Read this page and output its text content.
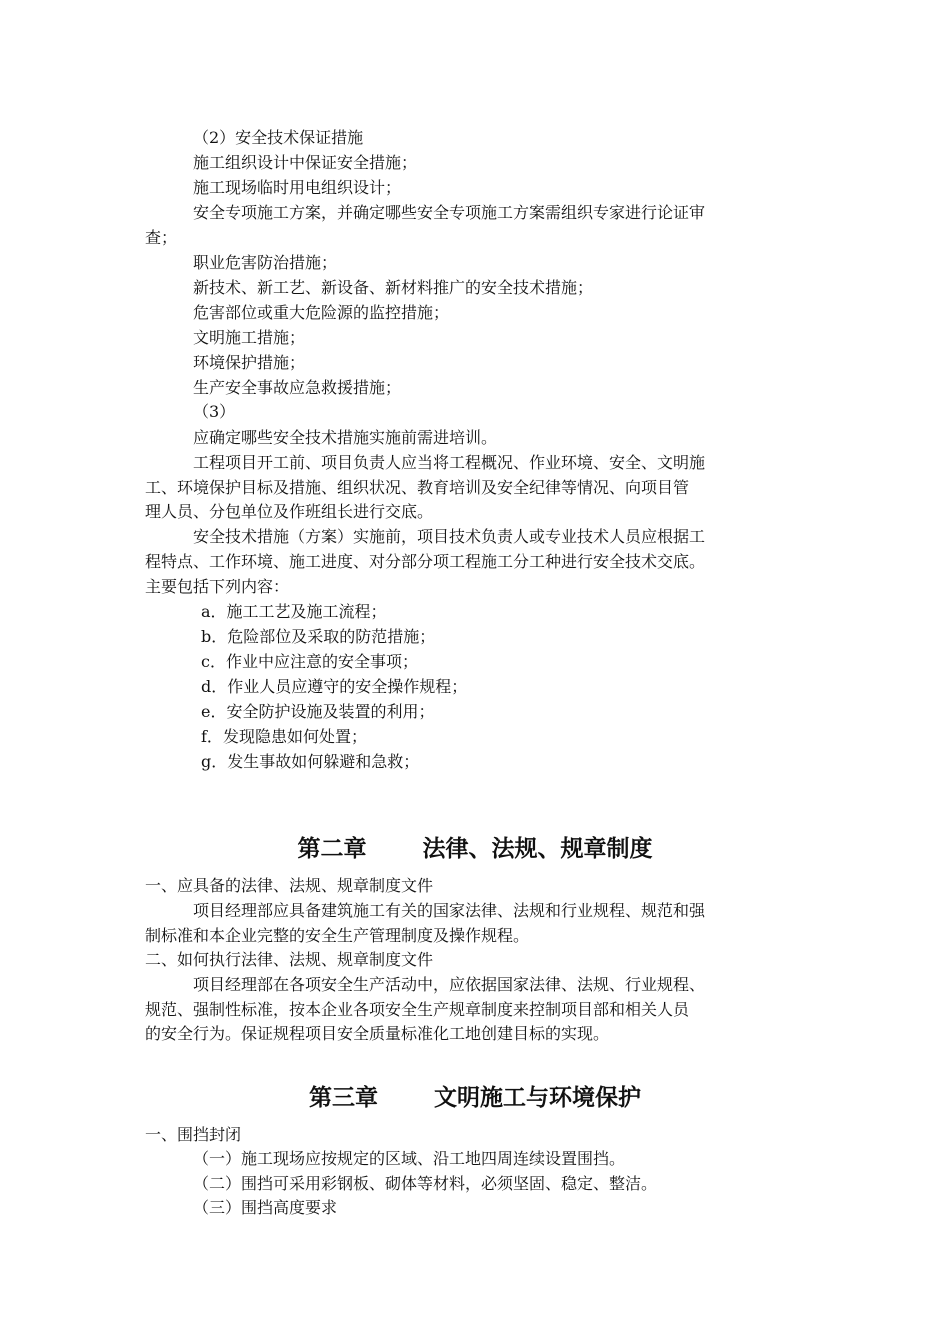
（2）安全技术保证措施
施工组织设计中保证安全措施；
施工现场临时用电组织设计；
安全专项施工方案，并确定哪些安全专项施工方案需组织专家进行论证审
查；
职业危害防治措施；
新技术、新工艺、新设备、新材料推广的安全技术措施；
危害部位或重大危险源的监控措施；
文明施工措施；
环境保护措施；
生产安全事故应急救援措施；
（3）
应确定哪些安全技术措施实施前需进培训。
工程项目开工前、项目负责人应当将工程概况、作业环境、安全、文明施
工、环境保护目标及措施、组织状况、教育培训及安全纪律等情况、向项目管
理人员、分包单位及作班组长进行交底。
安全技术措施（方案）实施前，项目技术负责人或专业技术人员应根据工
程特点、工作环境、施工进度、对分部分项工程施工分工种进行安全技术交底。
主要包括下列内容：
a．施工工艺及施工流程；
b．危险部位及采取的防范措施；
c．作业中应注意的安全事项；
d．作业人员应遵守的安全操作规程；
e．安全防护设施及装置的利用；
f．发现隐患如何处置；
g．发生事故如何躲避和急救；
第二章 法律、法规、规章制度
一、应具备的法律、法规、规章制度文件
项目经理部应具备建筑施工有关的国家法律、法规和行业规程、规范和强
制标准和本企业完整的安全生产管理制度及操作规程。
二、如何执行法律、法规、规章制度文件
项目经理部在各项安全生产活动中，应依据国家法律、法规、行业规程、
规范、强制性标准，按本企业各项安全生产规章制度来控制项目部和相关人员
的安全行为。保证规程项目安全质量标准化工地创建目标的实现。
第三章 文明施工与环境保护
一、围挡封闭
（一）施工现场应按规定的区域、沿工地四周连续设置围挡。
（二）围挡可采用彩钢板、砌体等材料，必须坚固、稳定、整洁。
（三）围挡高度要求
